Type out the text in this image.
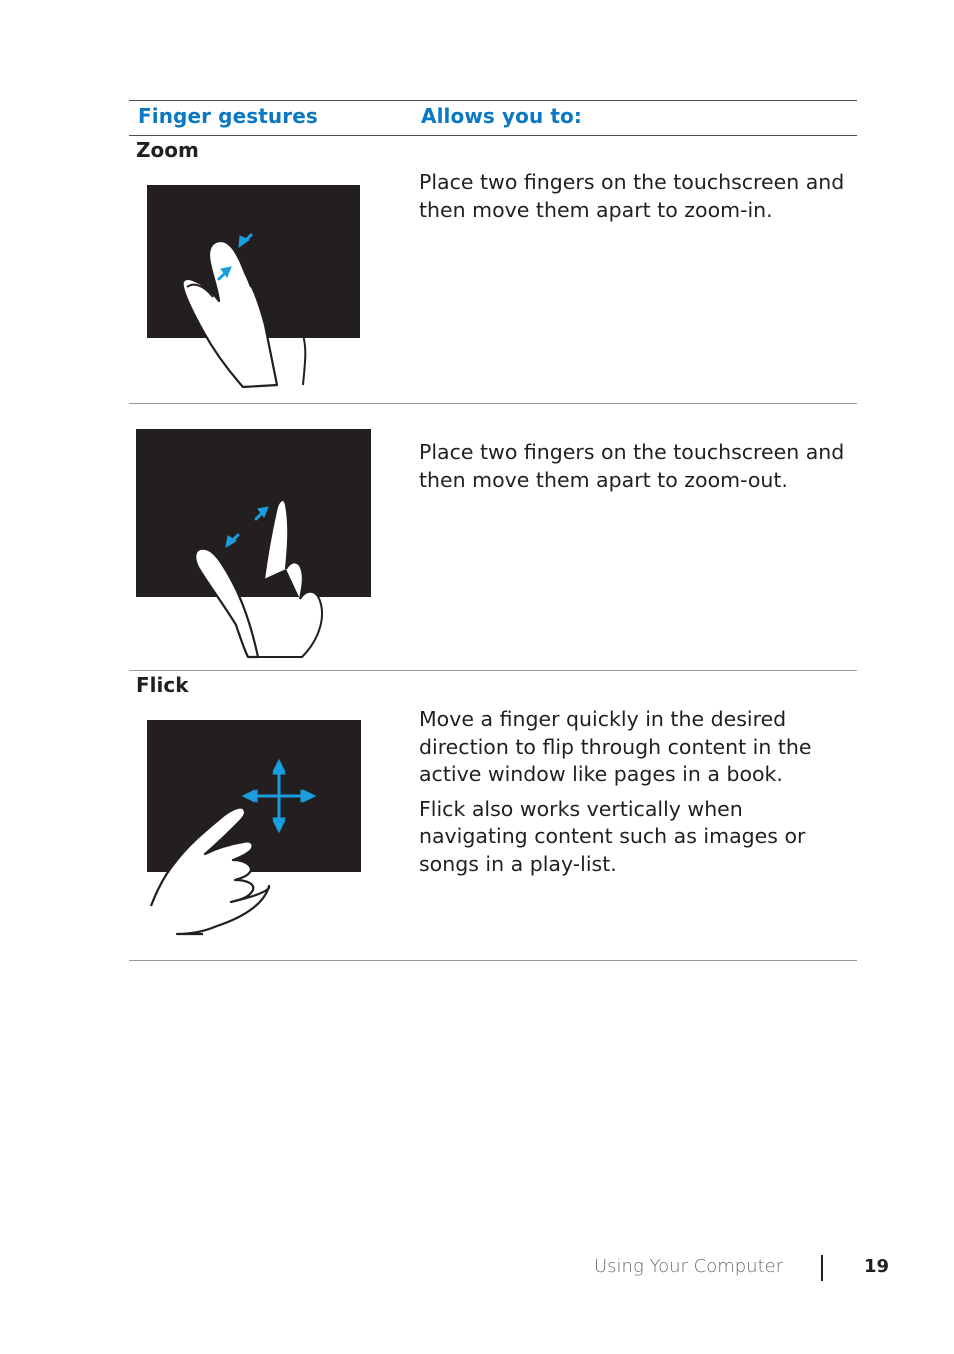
Finger gestures	Allows you to:
Zoom

Place two fingers on the touchscreen and then move them apart to zoom-in.

Place two fingers on the touchscreen and then move them apart to zoom-out.

Flick

Move a finger quickly in the desired direction to flip through content in the active window like pages in a book.

Flick also works vertically when navigating content such as images or songs in a play-list.

Using Your Computer	19
